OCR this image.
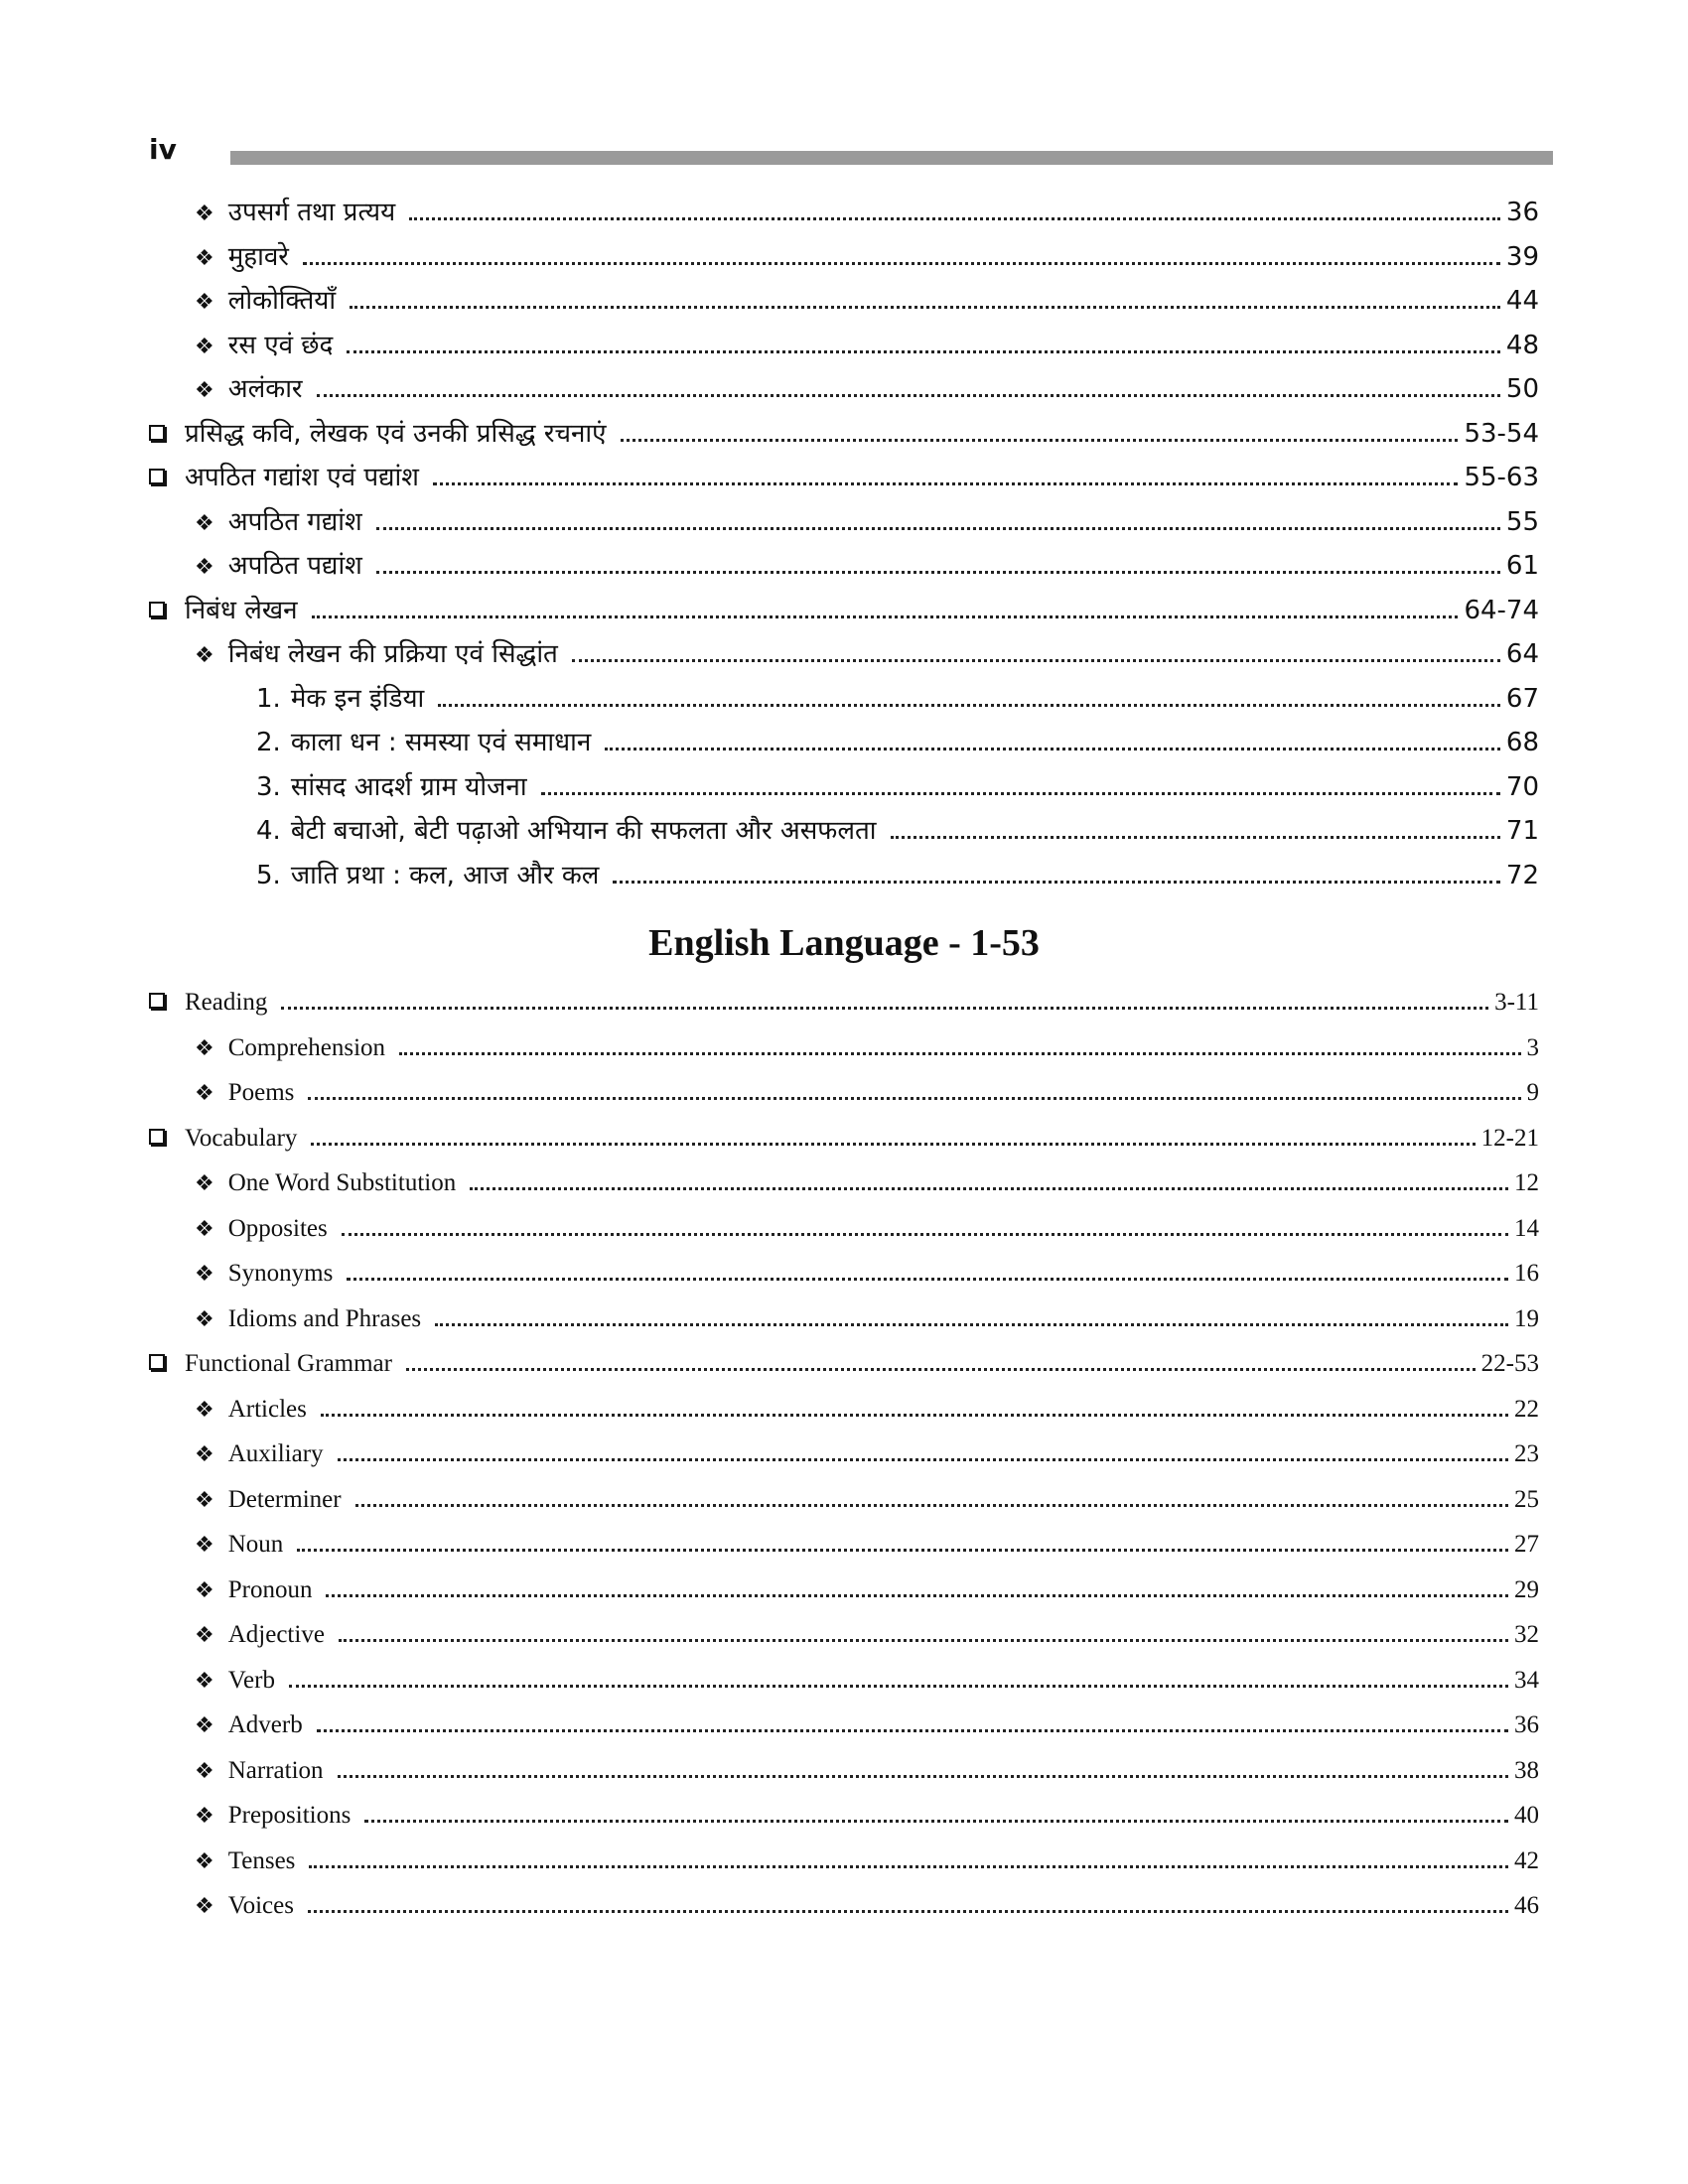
iv
❖ उपसर्ग तथा प्रत्यय	36
❖ मुहावरे	39
❖ लोकोक्तियाँ	44
❖ रस एवं छंद	48
❖ अलंकार	50
प्रसिद्ध कवि, लेखक एवं उनकी प्रसिद्ध रचनाएं	53-54
अपठित गद्यांश एवं पद्यांश	55-63
❖ अपठित गद्यांश	55
❖ अपठित पद्यांश	61
निबंध लेखन	64-74
❖ निबंध लेखन की प्रक्रिया एवं सिद्धांत	64
1. मेक इन इंडिया	67
2. काला धन : समस्या एवं समाधान	68
3. सांसद आदर्श ग्राम योजना	70
4. बेटी बचाओ, बेटी पढ़ाओ अभियान की सफलता और असफलता	71
5. जाति प्रथा : कल, आज और कल	72
English Language - 1-53
Reading	3-11
❖ Comprehension	3
❖ Poems	9
Vocabulary	12-21
❖ One Word Substitution	12
❖ Opposites	14
❖ Synonyms	16
❖ Idioms and Phrases	19
Functional Grammar	22-53
❖ Articles	22
❖ Auxiliary	23
❖ Determiner	25
❖ Noun	27
❖ Pronoun	29
❖ Adjective	32
❖ Verb	34
❖ Adverb	36
❖ Narration	38
❖ Prepositions	40
❖ Tenses	42
❖ Voices	46
